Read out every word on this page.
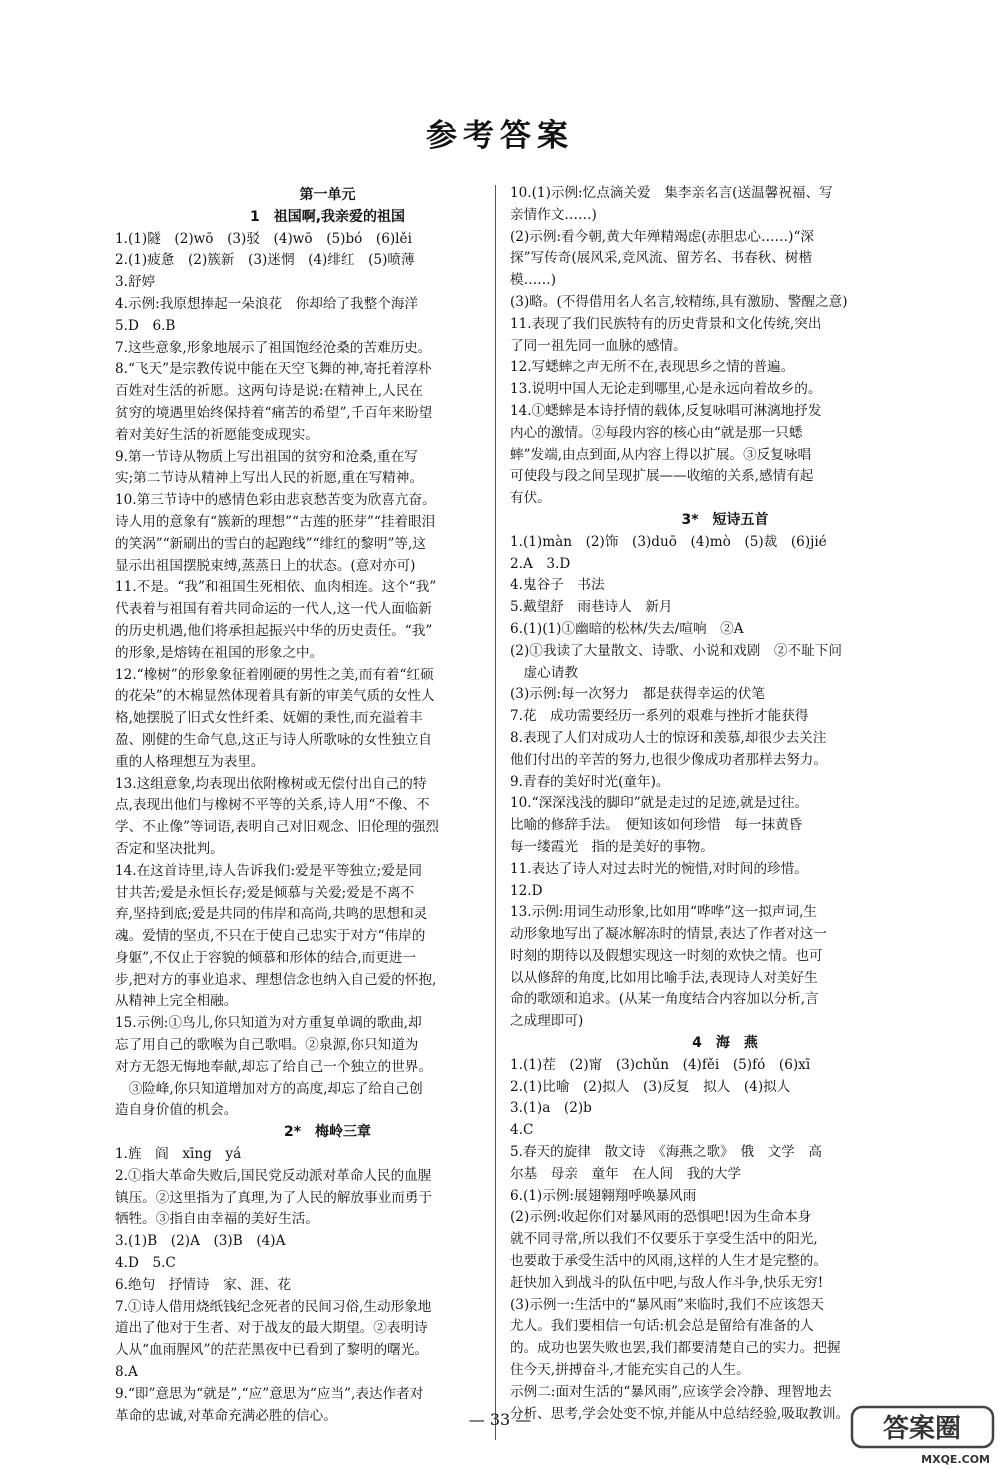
参考答案
第一单元
1　祖国啊,我亲爱的祖国
1.(1)隧　(2)wō　(3)驳　(4)wō　(5)bó　(6)lěi
2.(1)疲惫　(2)簇新　(3)迷惘　(4)绯红　(5)喷薄
3.舒婷
4.示例:我原想捧起一朵浪花　你却给了我整个海洋
5.D　6.B
7.这些意象,形象地展示了祖国饱经沧桑的苦难历史。
8.“飞天”是宗教传说中能在天空飞舞的神,寄托着淳朴
百姓对生活的祈愿。这两句诗是说:在精神上,人民在
贫穷的境遇里始终保持着“痛苦的希望”,千百年来盼望
着对美好生活的祈愿能变成现实。
9.第一节诗从物质上写出祖国的贫穷和沧桑,重在写
实;第二节诗从精神上写出人民的祈愿,重在写精神。
10.第三节诗中的感情色彩由悲哀愁苦变为欣喜亢奋。
诗人用的意象有“簇新的理想”“古莲的胚芽”“挂着眼泪
的笑涡”“新刷出的雪白的起跑线”“绯红的黎明”等,这
显示出祖国摆脱束缚,蒸蒸日上的状态。(意对亦可)
11.不是。“我”和祖国生死相依、血肉相连。这个“我”
代表着与祖国有着共同命运的一代人,这一代人面临新
的历史机遇,他们将承担起振兴中华的历史责任。“我”
的形象,是熔铸在祖国的形象之中。
12.“橡树”的形象象征着刚硬的男性之美,而有着“红硕
的花朵”的木棉显然体现着具有新的审美气质的女性人
格,她摆脱了旧式女性纤柔、妩媚的秉性,而充溢着丰
盈、刚健的生命气息,这正与诗人所歌咏的女性独立自
重的人格理想互为表里。
13.这组意象,均表现出依附橡树或无偿付出自己的特
点,表现出他们与橡树不平等的关系,诗人用“不像、不
学、不止像”等词语,表明自己对旧观念、旧伦理的强烈
否定和坚决批判。
14.在这首诗里,诗人告诉我们:爱是平等独立;爱是同
甘共苦;爱是永恒长存;爱是倾慕与关爱;爱是不离不
弃,坚持到底;爱是共同的伟岸和高尚,共鸣的思想和灵
魂。爱情的坚贞,不只在于使自己忠实于对方“伟岸的
身躯”,不仅止于容貌的倾慕和形体的结合,而更进一
步,把对方的事业追求、理想信念也纳入自己爱的怀抱,
从精神上完全相融。
15.示例:①鸟儿,你只知道为对方重复单调的歌曲,却
忘了用自己的歌喉为自己歌唱。②泉源,你只知道为
对方无怨无悔地奉献,却忘了给自己一个独立的世界。
　③险峰,你只知道增加对方的高度,却忘了给自己创
造自身价值的机会。
2*　梅岭三章
1.旌　阎　xīng　yá
2.①指大革命失败后,国民党反动派对革命人民的血腥
镇压。②这里指为了真理,为了人民的解放事业而勇于
牺牲。③指自由幸福的美好生活。
3.(1)B　(2)A　(3)B　(4)A
4.D　5.C
6.绝句　抒情诗　家、涯、花
7.①诗人借用烧纸钱纪念死者的民间习俗,生动形象地
道出了他对于生者、对于战友的最大期望。②表明诗
人从“血雨腥风”的茫茫黑夜中已看到了黎明的曙光。
8.A
9.“即”意思为“就是”,“应”意思为“应当”,表达作者对
革命的忠诚,对革命充满必胜的信心。
10.(1)示例:忆点滴关爱　集李亲名言(送温馨祝福、写
亲情作文……)
(2)示例:看今朝,黄大年殚精竭虑(赤胆忠心……)“深
探”写传奇(展风采,竞风流、留芳名、书春秋、树楷
模……)
(3)略。(不得借用名人名言,较精练,具有激励、警醒之意)
11.表现了我们民族特有的历史背景和文化传统,突出
了同一祖先同一血脉的感情。
12.写蟋蟀之声无所不在,表现思乡之情的普遍。
13.说明中国人无论走到哪里,心是永远向着故乡的。
14.①蟋蟀是本诗抒情的载体,反复咏唱可淋漓地抒发
内心的激情。②每段内容的核心由“就是那一只蟋
蟀”发端,由点到面,从内容上得以扩展。③反复咏唱
可使段与段之间呈现扩展——收缩的关系,感情有起
有伏。
3*　短诗五首
1.(1)màn　(2)饰　(3)duō　(4)mò　(5)裁　(6)jié
2.A　3.D
4.鬼谷子　书法
5.戴望舒　雨巷诗人　新月
6.(1)(1)①幽暗的松林/失去/喧响　②A
(2)①我读了大量散文、诗歌、小说和戏剧　②不耻下问
　虚心请教
(3)示例:每一次努力　都是获得幸运的伏笔
7.花　成功需要经历一系列的艰难与挫折才能获得
8.表现了人们对成功人士的惊讶和羡慕,却很少去关注
他们付出的辛苦的努力,也很少像成功者那样去努力。
9.青春的美好时光(童年)。
10.“深深浅浅的脚印”就是走过的足迹,就是过往。
比喻的修辞手法。　便知该如何珍惜　每一抹黄昏
每一缕霞光　指的是美好的事物。
11.表达了诗人对过去时光的惋惜,对时间的珍惜。
12.D
13.示例:用词生动形象,比如用“哗哗”这一拟声词,生
动形象地写出了凝冰解冻时的情景,表达了作者对这一
时刻的期待以及假想实现这一时刻的欢快之情。也可
以从修辞的角度,比如用比喻手法,表现诗人对美好生
命的歌颂和追求。(从某一角度结合内容加以分析,言
之成理即可)
4　海　燕
1.(1)茬　(2)甯　(3)chǔn　(4)fěi　(5)fó　(6)xī
2.(1)比喻　(2)拟人　(3)反复　拟人　(4)拟人
3.(1)a　(2)b
4.C
5.春天的旋律　散文诗　《海燕之歌》　俄　文学　高
尔基　母亲　童年　在人间　我的大学
6.(1)示例:展翅翱翔呼唤暴风雨
(2)示例:收起你们对暴风雨的恐惧吧!因为生命本身
就不同寻常,所以我们不仅要乐于享受生活中的阳光,
也要敢于承受生活中的风雨,这样的人生才是完整的。
赶快加入到战斗的队伍中吧,与敌人作斗争,快乐无穷!
(3)示例一:生活中的“暴风雨”来临时,我们不应该怨天
尤人。我们要相信一句话:机会总是留给有准备的人
的。成功也罢失败也罢,我们都要清楚自己的实力。把握
住今天,拼搏奋斗,才能充实自己的人生。
示例二:面对生活的“暴风雨”,应该学会冷静、理智地去
分析、思考,学会处变不惊,并能从中总结经验,吸取教训。
— 33 —	答案圈
MXQE.COM
